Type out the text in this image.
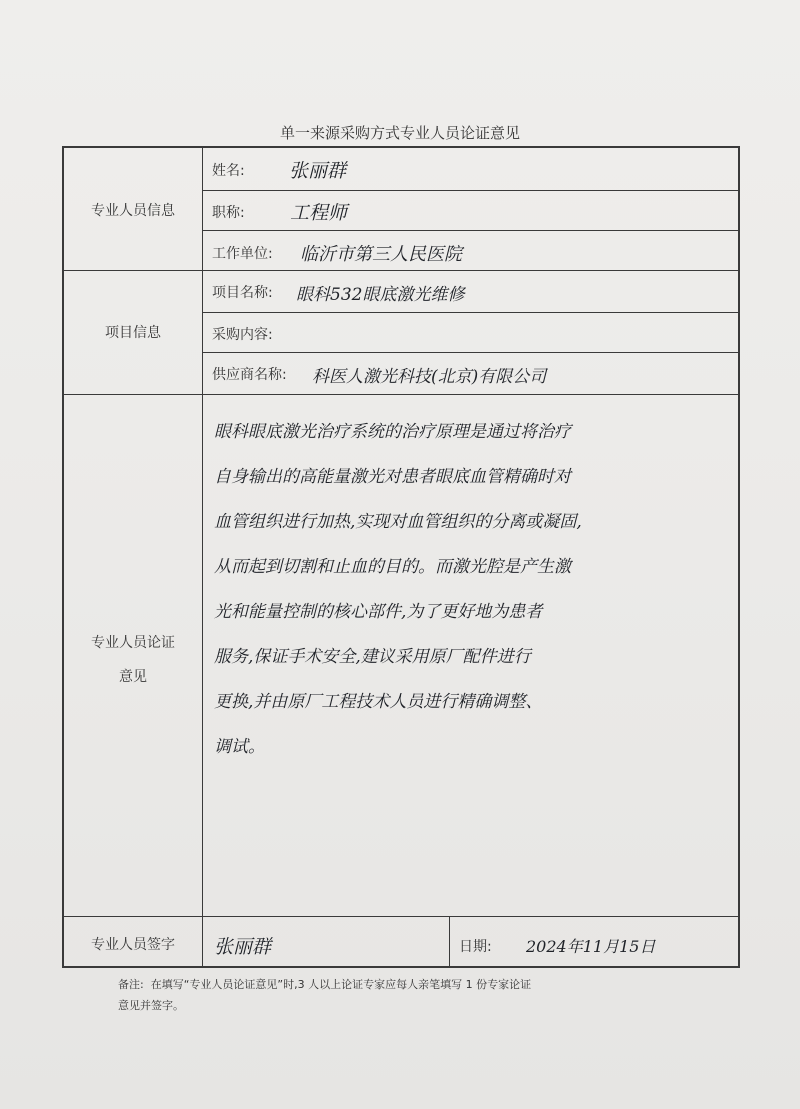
单一来源采购方式专业人员论证意见
专业人员信息
项目信息
专业人员论证
意见
专业人员签字
姓名: 张丽群
职称: 工程师
工作单位: 临沂市第三人民医院
项目名称: 眼科532眼底激光维修
采购内容:
供应商名称: 科医人激光科技(北京)有限公司
眼科眼底激光治疗系统的治疗原理是通过将治疗
自身输出的高能量激光对患者眼底血管精确时对
血管组织进行加热,实现对血管组织的分离或凝固,
从而起到切割和止血的目的。而激光腔是产生激
光和能量控制的核心部件,为了更好地为患者
服务,保证手术安全,建议采用原厂配件进行
更换,并由原厂工程技术人员进行精确调整、
调试。
张丽群	日期: 2024年11月15日
备注: 在填写“专业人员论证意见”时,3 人以上论证专家应每人亲笔填写 1 份专家论证
意见并签字。
